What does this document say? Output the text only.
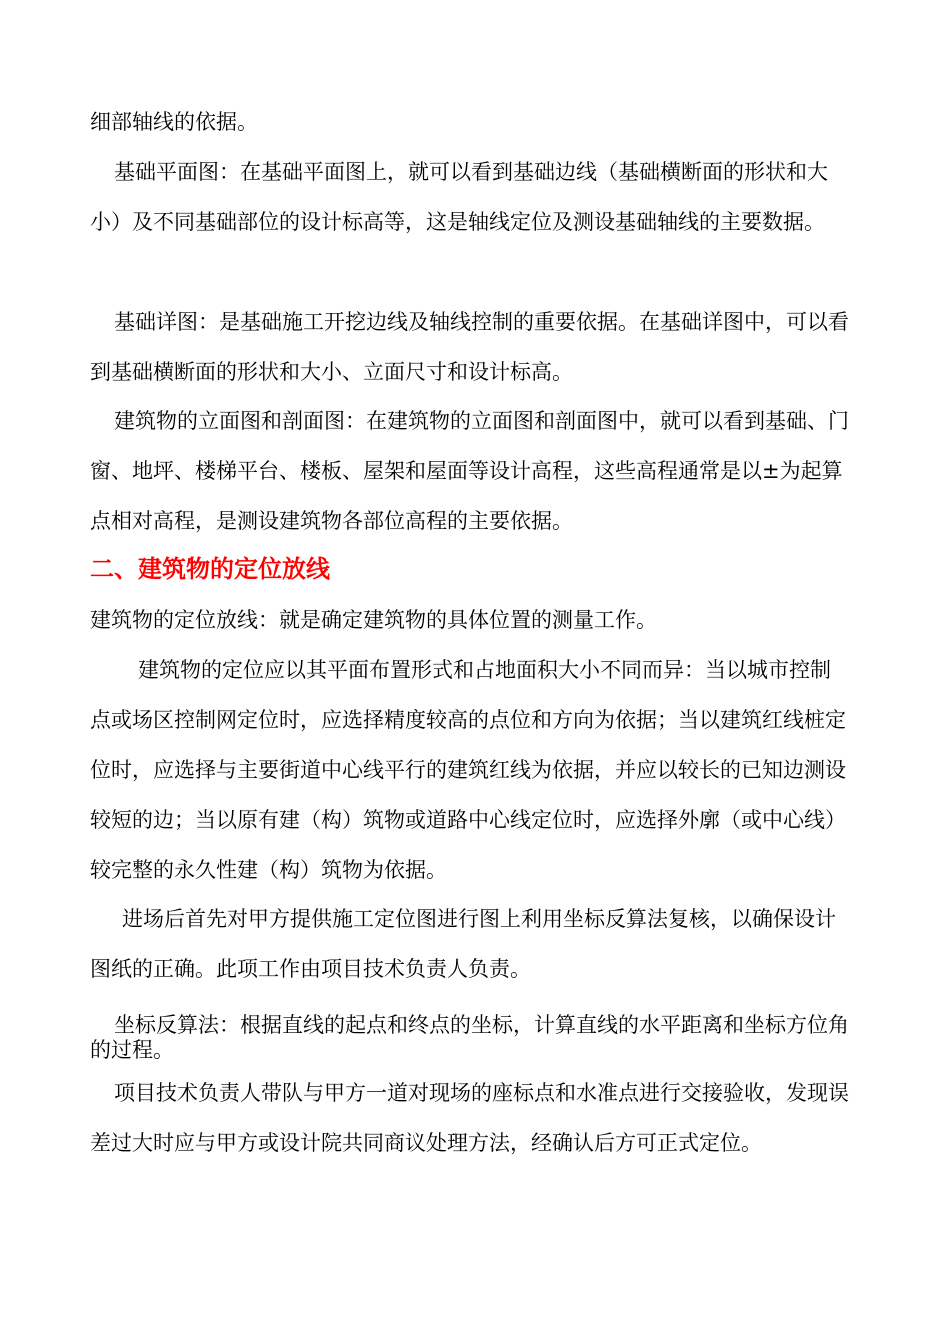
细部轴线的依据。

基础平面图：在基础平面图上，就可以看到基础边线（基础横断面的形状和大小）及不同基础部位的设计标高等，这是轴线定位及测设基础轴线的主要数据。

基础详图：是基础施工开挖边线及轴线控制的重要依据。在基础详图中，可以看到基础横断面的形状和大小、立面尺寸和设计标高。

建筑物的立面图和剖面图：在建筑物的立面图和剖面图中，就可以看到基础、门窗、地坪、楼梯平台、楼板、屋架和屋面等设计高程，这些高程通常是以±为起算点相对高程，是测设建筑物各部位高程的主要依据。

二、建筑物的定位放线

建筑物的定位放线：就是确定建筑物的具体位置的测量工作。

建筑物的定位应以其平面布置形式和占地面积大小不同而异：当以城市控制点或场区控制网定位时，应选择精度较高的点位和方向为依据；当以建筑红线桩定位时，应选择与主要街道中心线平行的建筑红线为依据，并应以较长的已知边测设较短的边；当以原有建（构）筑物或道路中心线定位时，应选择外廓（或中心线）较完整的永久性建（构）筑物为依据。

进场后首先对甲方提供施工定位图进行图上利用坐标反算法复核，以确保设计图纸的正确。此项工作由项目技术负责人负责。

坐标反算法：根据直线的起点和终点的坐标，计算直线的水平距离和坐标方位角的过程。

项目技术负责人带队与甲方一道对现场的座标点和水准点进行交接验收，发现误差过大时应与甲方或设计院共同商议处理方法，经确认后方可正式定位。
